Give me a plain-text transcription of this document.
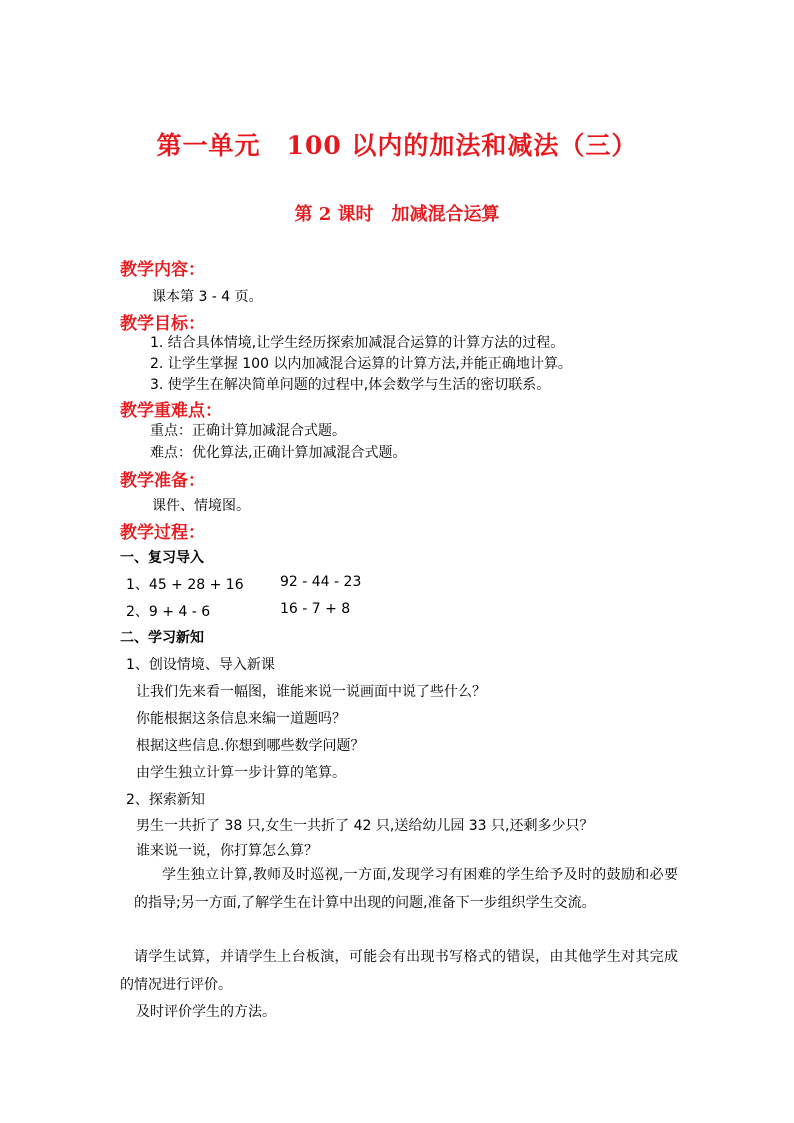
第一单元　100 以内的加法和减法（三）
第 2 课时　加减混合运算
教学内容：
课本第 3 - 4 页。
教学目标：
1. 结合具体情境,让学生经历探索加减混合运算的计算方法的过程。
2. 让学生掌握 100 以内加减混合运算的计算方法,并能正确地计算。
3. 使学生在解决简单问题的过程中,体会数学与生活的密切联系。
教学重难点：
重点：正确计算加减混合式题。
难点：优化算法,正确计算加减混合式题。
教学准备：
课件、情境图。
教学过程：
一、复习导入
1、45 + 28 + 16	92 - 44 - 23
2、9 + 4 - 6	16 - 7 + 8
二、学习新知
1、创设情境、导入新课
让我们先来看一幅图，谁能来说一说画面中说了些什么？
你能根据这条信息来编一道题吗？
根据这些信息.你想到哪些数学问题？
由学生独立计算一步计算的笔算。
2、探索新知
男生一共折了 38 只,女生一共折了 42 只,送给幼儿园 33 只,还剩多少只？
谁来说一说，你打算怎么算？
学生独立计算,教师及时巡视,一方面,发现学习有困难的学生给予及时的鼓励和必要的指导;另一方面,了解学生在计算中出现的问题,准备下一步组织学生交流。
请学生试算，并请学生上台板演，可能会有出现书写格式的错误，由其他学生对其完成的情况进行评价。
及时评价学生的方法。
